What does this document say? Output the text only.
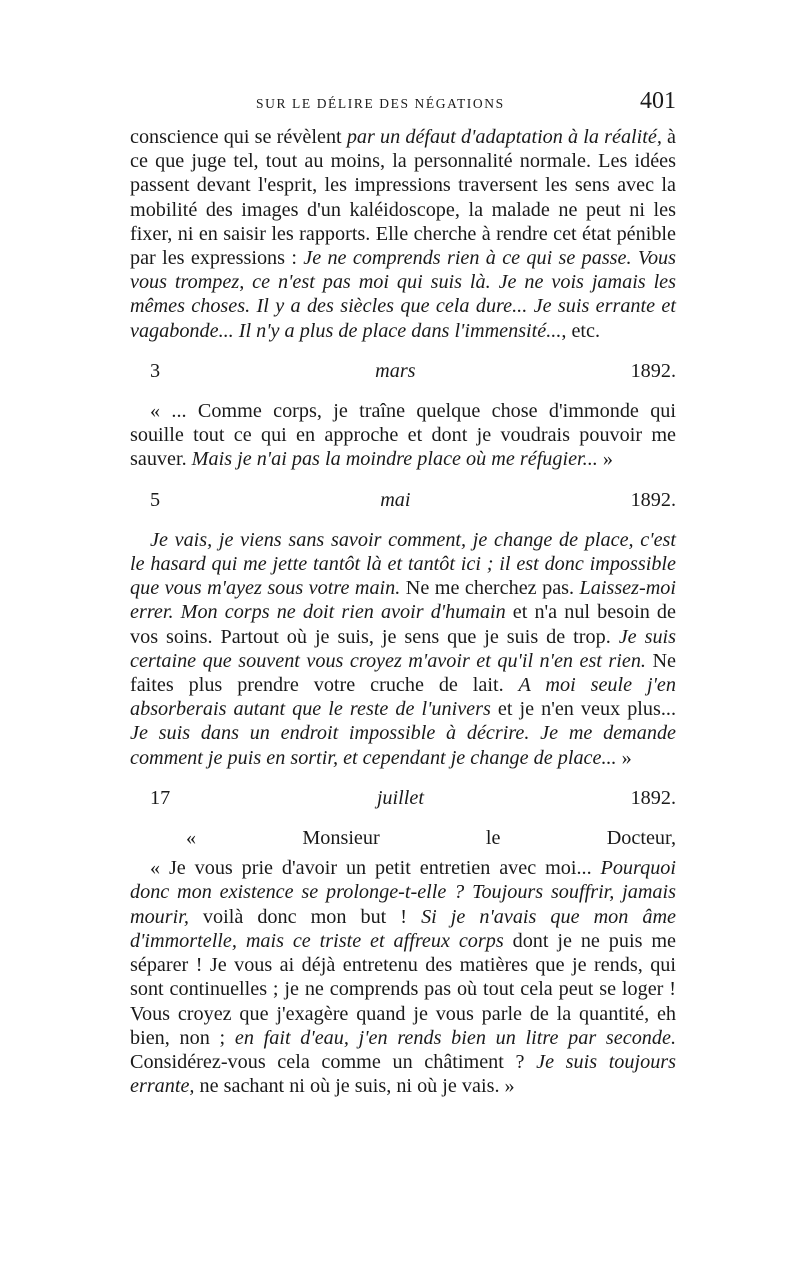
SUR LE DÉLIRE DES NÉGATIONS	401

conscience qui se révèlent par un défaut d'adaptation à la réalité, à ce que juge tel, tout au moins, la personnalité normale. Les idées passent devant l'esprit, les impressions traversent les sens avec la mobilité des images d'un kaléidoscope, la malade ne peut ni les fixer, ni en saisir les rapports. Elle cherche à rendre cet état pénible par les expressions : Je ne comprends rien à ce qui se passe. Vous vous trompez, ce n'est pas moi qui suis là. Je ne vois jamais les mêmes choses. Il y a des siècles que cela dure... Je suis errante et vagabonde... Il n'y a plus de place dans l'immensité..., etc.

3 mars 1892.

« ... Comme corps, je traîne quelque chose d'immonde qui souille tout ce qui en approche et dont je voudrais pouvoir me sauver. Mais je n'ai pas la moindre place où me réfugier... »

5 mai 1892.

Je vais, je viens sans savoir comment, je change de place, c'est le hasard qui me jette tantôt là et tantôt ici ; il est donc impossible que vous m'ayez sous votre main. Ne me cherchez pas. Laissez-moi errer. Mon corps ne doit rien avoir d'humain et n'a nul besoin de vos soins. Partout où je suis, je sens que je suis de trop. Je suis certaine que souvent vous croyez m'avoir et qu'il n'en est rien. Ne faites plus prendre votre cruche de lait. A moi seule j'en absorberais autant que le reste de l'univers et je n'en veux plus... Je suis dans un endroit impossible à décrire. Je me demande comment je puis en sortir, et cependant je change de place... »

17 juillet 1892.

« Monsieur le Docteur,

« Je vous prie d'avoir un petit entretien avec moi... Pourquoi donc mon existence se prolonge-t-elle ? Toujours souffrir, jamais mourir, voilà donc mon but ! Si je n'avais que mon âme d'immortelle, mais ce triste et affreux corps dont je ne puis me séparer ! Je vous ai déjà entretenu des matières que je rends, qui sont continuelles ; je ne comprends pas où tout cela peut se loger ! Vous croyez que j'exagère quand je vous parle de la quantité, eh bien, non ; en fait d'eau, j'en rends bien un litre par seconde. Considérez-vous cela comme un châtiment ? Je suis toujours errante, ne sachant ni où je suis, ni où je vais. »
